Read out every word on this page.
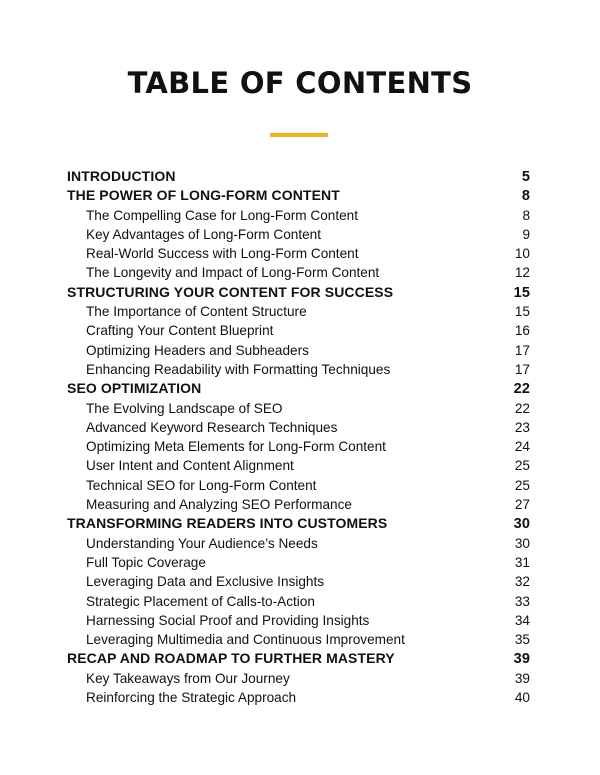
TABLE OF CONTENTS
INTRODUCTION	5
THE POWER OF LONG-FORM CONTENT	8
The Compelling Case for Long-Form Content	8
Key Advantages of Long-Form Content	9
Real-World Success with Long-Form Content	10
The Longevity and Impact of Long-Form Content	12
STRUCTURING YOUR CONTENT FOR SUCCESS	15
The Importance of Content Structure	15
Crafting Your Content Blueprint	16
Optimizing Headers and Subheaders	17
Enhancing Readability with Formatting Techniques	17
SEO OPTIMIZATION	22
The Evolving Landscape of SEO	22
Advanced Keyword Research Techniques	23
Optimizing Meta Elements for Long-Form Content	24
User Intent and Content Alignment	25
Technical SEO for Long-Form Content	25
Measuring and Analyzing SEO Performance	27
TRANSFORMING READERS INTO CUSTOMERS	30
Understanding Your Audience’s Needs	30
Full Topic Coverage	31
Leveraging Data and Exclusive Insights	32
Strategic Placement of Calls-to-Action	33
Harnessing Social Proof and Providing Insights	34
Leveraging Multimedia and Continuous Improvement	35
RECAP AND ROADMAP TO FURTHER MASTERY	39
Key Takeaways from Our Journey	39
Reinforcing the Strategic Approach	40
